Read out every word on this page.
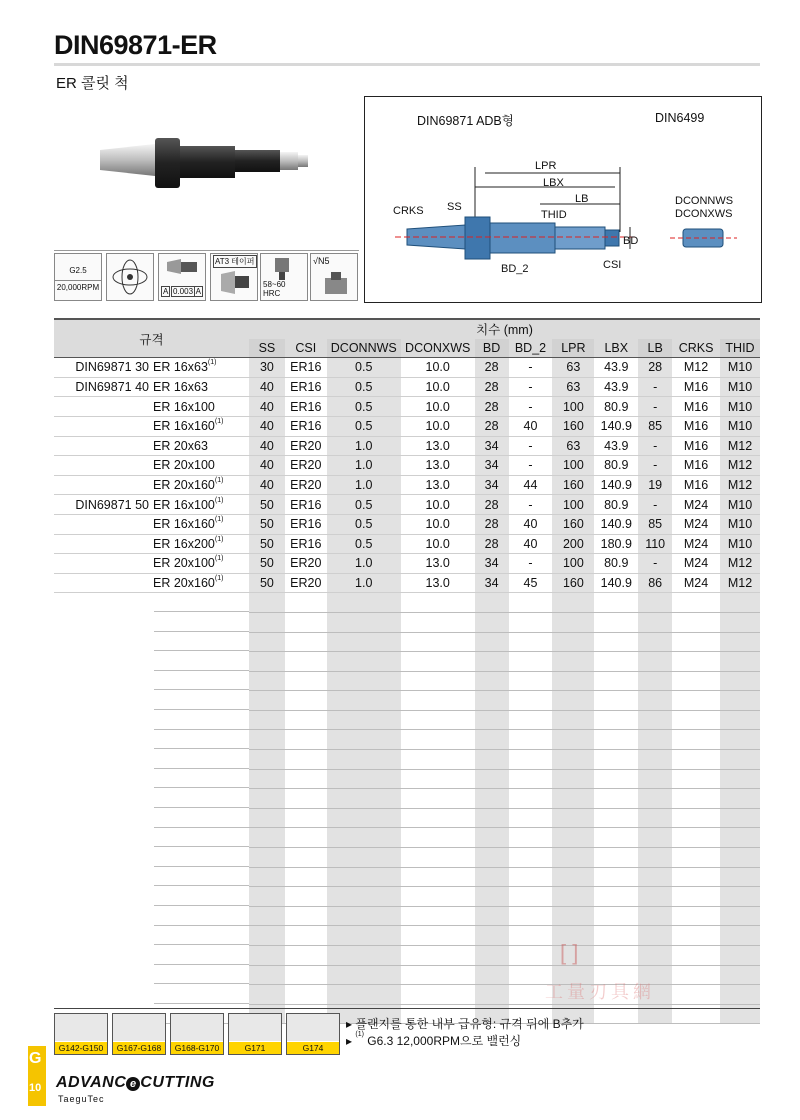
DIN69871-ER
ER 콜릿 척
G2.5
20,000RPM	A 0.003 A
AT3 테이퍼
58~60 HRC
√N5
DIN69871 ADB형	DIN6499
LPR
LBX
LB
CRKS SS
THID
BD
BD_2	CSI
DCONNWS
DCONXWS
규격	치수 (mm)										
	SS	CSI	DCONNWS	DCONXWS	BD	BD_2	LPR	LBX	LB	CRKS	THID
DIN69871 30 ER 16x63$^{(1)}$	30	ER16	0.5	10.0	28	-	63	43.9	28	M12	M10
DIN69871 40 ER 16x63	40	ER16	0.5	10.0	28	-	63	43.9	-	M16	M10
ER 16x100	40	ER16	0.5	10.0	28	-	100	80.9	-	M16	M10
ER 16x160$^{(1)}$	40	ER16	0.5	10.0	28	40	160	140.9	85	M16	M10
ER 20x63	40	ER20	1.0	13.0	34	-	63	43.9	-	M16	M12
ER 20x100	40	ER20	1.0	13.0	34	-	100	80.9	-	M16	M12
ER 20x160$^{(1)}$	40	ER20	1.0	13.0	34	44	160	140.9	19	M16	M12
DIN69871 50 ER 16x100$^{(1)}$	50	ER16	0.5	10.0	28	-	100	80.9	-	M24	M10
ER 16x160$^{(1)}$	50	ER16	0.5	10.0	28	40	160	140.9	85	M24	M10
ER 16x200$^{(1)}$	50	ER16	0.5	10.0	28	40	200	180.9	110	M24	M10
ER 20x100$^{(1)}$	50	ER20	1.0	13.0	34	-	100	80.9	-	M24	M12
ER 20x160$^{(1)}$	50	ER20	1.0	13.0	34	45	160	140.9	86	M24	M12

G142-G150	G167-G168	G168-G170	G171	G174
▸ 플랜지를 통한 내부 급유형: 규격 뒤에 B추가
▸ $^{(1)}$ G6.3 12,000RPM으로 밸런싱
[ ]
工量刃具網
G
10 ADVANC e CUTTING
TaeguTec
